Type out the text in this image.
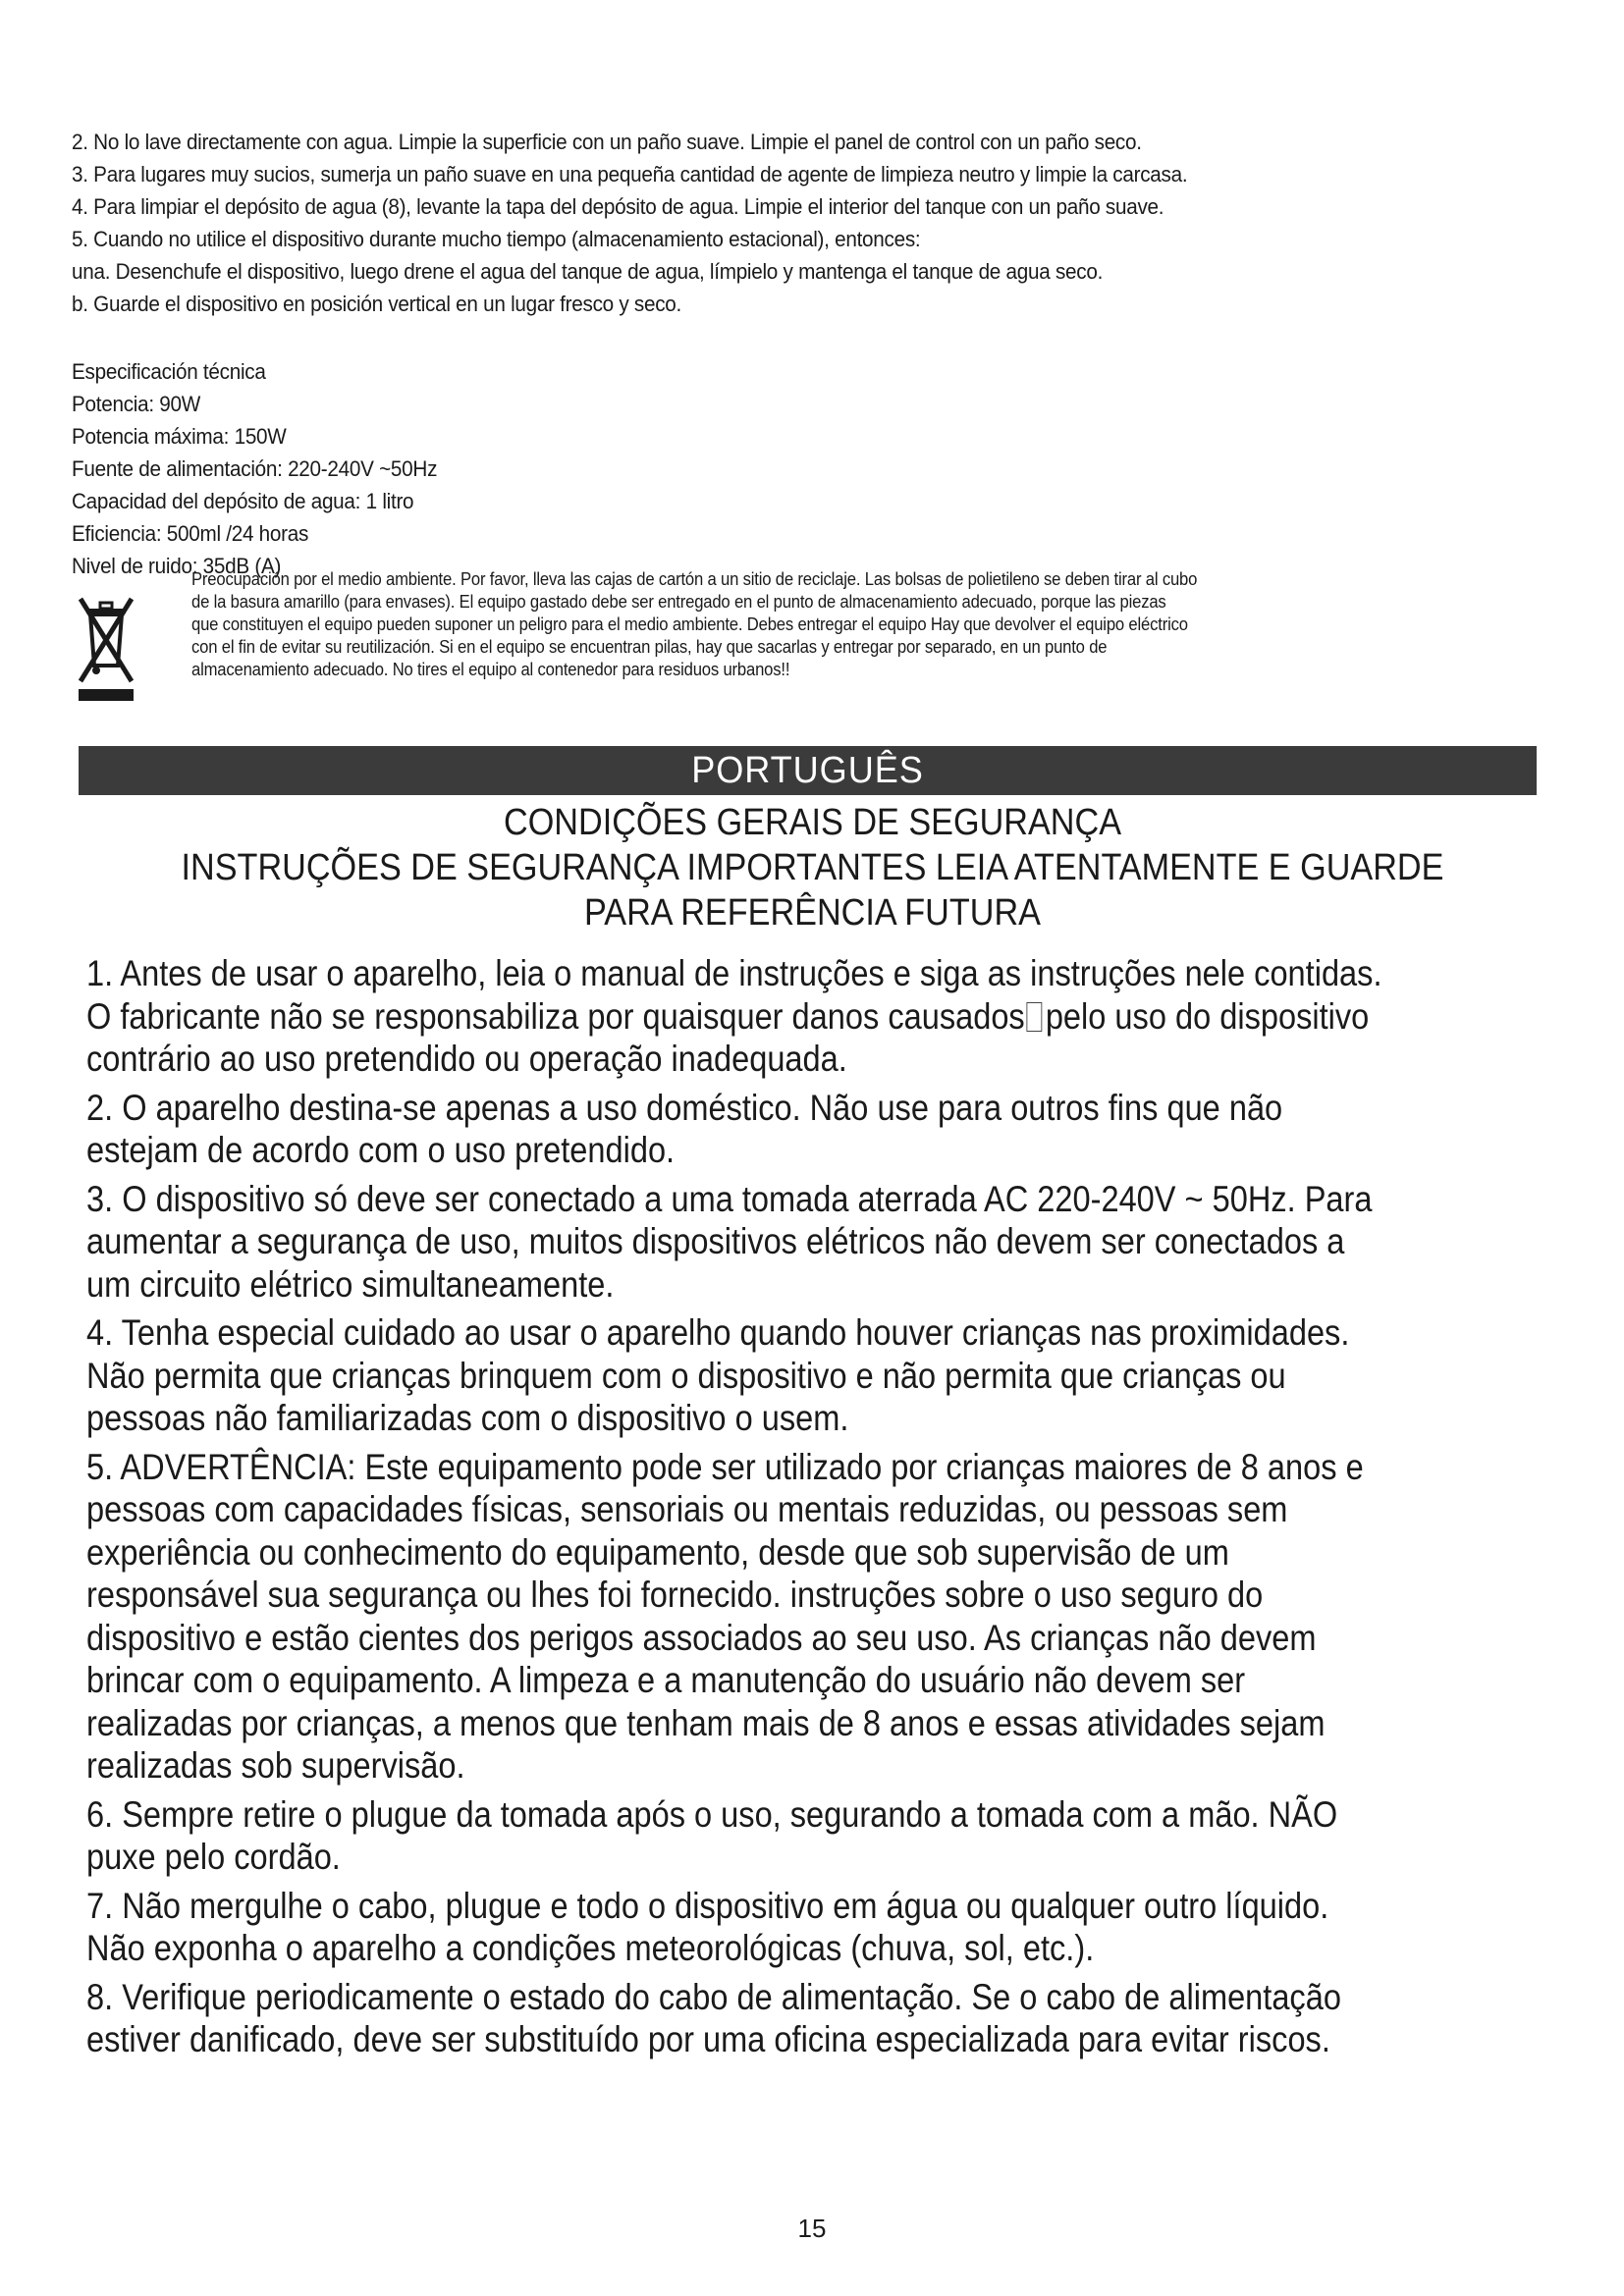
2. No lo lave directamente con agua. Limpie la superficie con un paño suave. Limpie el panel de control con un paño seco.

3. Para lugares muy sucios, sumerja un paño suave en una pequeña cantidad de agente de limpieza neutro y limpie la carcasa.

4. Para limpiar el depósito de agua (8), levante la tapa del depósito de agua. Limpie el interior del tanque con un paño suave.

5. Cuando no utilice el dispositivo durante mucho tiempo (almacenamiento estacional), entonces:

una. Desenchufe el dispositivo, luego drene el agua del tanque de agua, límpielo y mantenga el tanque de agua seco.

b. Guarde el dispositivo en posición vertical en un lugar fresco y seco.

Especificación técnica

Potencia: 90W

Potencia máxima: 150W

Fuente de alimentación: 220-240V ~50Hz

Capacidad del depósito de agua: 1 litro

Eficiencia: 500ml /24 horas

Nivel de ruido: 35dB (A)

Preocupación por el medio ambiente. Por favor, lleva las cajas de cartón a un sitio de reciclaje. Las bolsas de polietileno se deben tirar al cubo

de la basura amarillo (para envases). El equipo gastado debe ser entregado en el punto de almacenamiento adecuado, porque las piezas

que constituyen el equipo pueden suponer un peligro para el medio ambiente. Debes entregar el equipo Hay que devolver el equipo eléctrico

con el fin de evitar su reutilización. Si en el equipo se encuentran pilas, hay que sacarlas y entregar por separado, en un punto de

almacenamiento adecuado. No tires el equipo al contenedor para residuos urbanos!!

PORTUGUÊS

CONDIÇÕES GERAIS DE SEGURANÇA

INSTRUÇÕES DE SEGURANÇA IMPORTANTES LEIA ATENTAMENTE E GUARDE PARA REFERÊNCIA FUTURA

1. Antes de usar o aparelho, leia o manual de instruções e siga as instruções nele contidas.
O fabricante não se responsabiliza por quaisquer danos causados pelo uso do dispositivo
contrário ao uso pretendido ou operação inadequada.

2. O aparelho destina-se apenas a uso doméstico. Não use para outros fins que não
estejam de acordo com o uso pretendido.

3. O dispositivo só deve ser conectado a uma tomada aterrada AC 220-240V ~ 50Hz. Para
aumentar a segurança de uso, muitos dispositivos elétricos não devem ser conectados a
um circuito elétrico simultaneamente.

4. Tenha especial cuidado ao usar o aparelho quando houver crianças nas proximidades.
Não permita que crianças brinquem com o dispositivo e não permita que crianças ou
pessoas não familiarizadas com o dispositivo o usem.

5. ADVERTÊNCIA: Este equipamento pode ser utilizado por crianças maiores de 8 anos e
pessoas com capacidades físicas, sensoriais ou mentais reduzidas, ou pessoas sem
experiência ou conhecimento do equipamento, desde que sob supervisão de um
responsável sua segurança ou lhes foi fornecido. instruções sobre o uso seguro do
dispositivo e estão cientes dos perigos associados ao seu uso. As crianças não devem
brincar com o equipamento. A limpeza e a manutenção do usuário não devem ser
realizadas por crianças, a menos que tenham mais de 8 anos e essas atividades sejam
realizadas sob supervisão.

6. Sempre retire o plugue da tomada após o uso, segurando a tomada com a mão. NÃO
puxe pelo cordão.

7. Não mergulhe o cabo, plugue e todo o dispositivo em água ou qualquer outro líquido.
Não exponha o aparelho a condições meteorológicas (chuva, sol, etc.).

8. Verifique periodicamente o estado do cabo de alimentação. Se o cabo de alimentação
estiver danificado, deve ser substituído por uma oficina especializada para evitar riscos.

15
